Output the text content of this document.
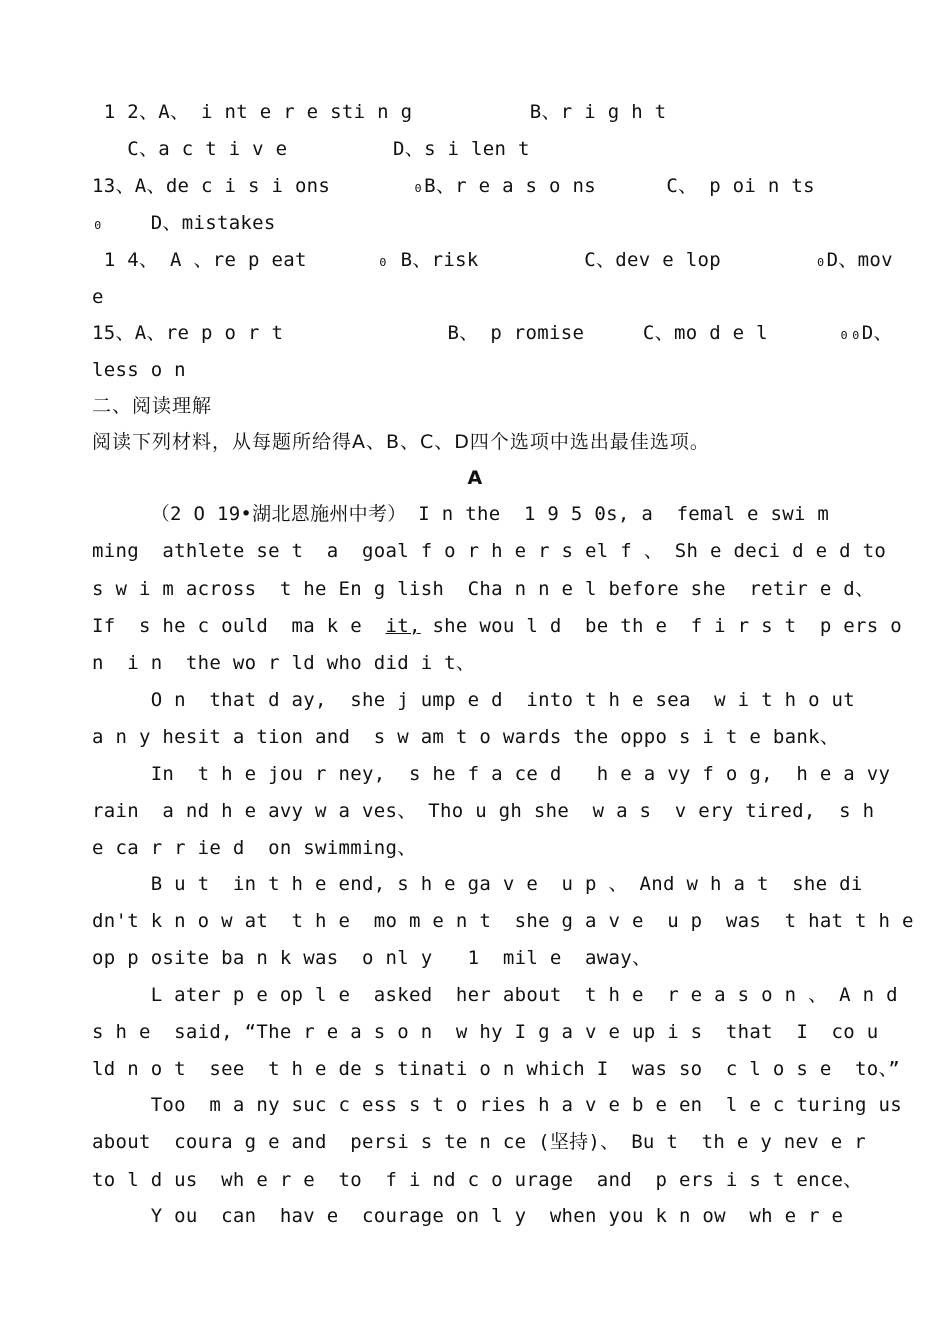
1 2、A、 i nt e r e sti n g          B、r i g h t
C、a c t i v e         D、s i len t
13、A、de c i s i ons       ₀B、r e a s o ns      C、 p oi n ts
₀    D、mistakes
1 4、 A 、re p eat      ₀ B、risk         C、dev e lop        ₀D、mov
e
15、A、re p o r t              B、 p romise     C、mo d e l      ₀₀D、
less o n
二、阅读理解
阅读下列材料，从每题所给得A、B、C、D四个选项中选出最佳选项。
A
（2 O 19•湖北恩施州中考） I n the  1 9 5 0s, a  femal e swi m
ming  athlete se t  a  goal f o r h e r s el f 、 Sh e deci d e d to
s w i m across  t he En g lish  Cha n n e l before she  retir e d、
If  s he c ould  ma k e  it, she wou l d  be th e  f i r s t  p ers o
n  i n  the wo r ld who did i t、
O n  that d ay,  she j ump e d  into t h e sea  w i t h o ut
a n y hesit a tion and  s w am t o wards the oppo s i t e bank、
In  t h e jou r ney,  s he f a ce d   h e a vy f o g,  h e a vy
rain  a nd h e avy w a ves、 Tho u gh she  w a s  v ery tired,  s h
e ca r r ie d  on swimming、
B u t  in t h e end, s h e ga v e  u p 、 And w h a t  she di
dn't k n o w at  t h e  mo m e n t  she g a v e  u p  was  t hat t h e
op p osite ba n k was  o nl y   1  mil e  away、
L ater p e op l e  asked  her about  t h e  r e a s o n 、 A n d
s h e  said, “The r e a s o n  w hy I g a v e up i s  that  I  co u
ld n o t  see  t h e de s tinati o n which I  was so  c l o s e  to、”
Too  m a ny suc c ess s t o ries h a v e b e en  l e c turing us
about  coura g e and  persi s te n ce (坚持)、 Bu t  th e y nev e r
to l d us  wh e r e  to  f i nd c o urage  and  p ers i s t ence、
Y ou  can  hav e  courage on l y  when you k n ow  wh e r e
